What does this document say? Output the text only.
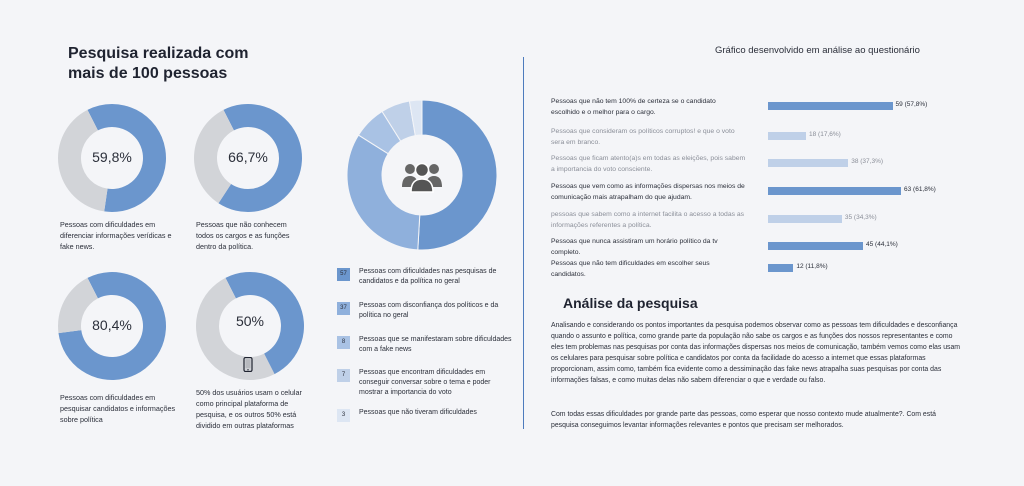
Pesquisa realizada com
mais de 100 pessoas
59,8%
Pessoas com dificuldades em diferenciar informações verídicas e fake news.
66,7%
Pessoas que não conhecem todos os cargos e as funções dentro da política.
80,4%
Pessoas com dificuldades em pesquisar candidatos e informações sobre política
50%
50% dos usuários usam o celular como principal plataforma de pesquisa, e os outros 50% está dividido em outras plataformas
57	Pessoas com dificuldades nas pesquisas de candidatos e da política no geral
37	Pessoas com disconfiança dos políticos e da política no geral
8	Pessoas que se manifestaram sobre dificuldades com a fake news
7	Pessoas que encontram dificuldades em conseguir conversar sobre o tema e poder mostrar a importancia do voto
3	Pessoas que não tiveram dificuldades
Gráfico desenvolvido em análise ao questionário
Pessoas que não tem 100% de certeza se o candidato escolhido e o melhor para o cargo.
59 (57,8%)
Pessoas que consideram os políticos corruptos! e que o voto sera em branco.
18 (17,6%)
Pessoas que ficam atento(a)s em todas as eleições, pois sabem a importancia do voto consciente.
38 (37,3%)
Pessoas que vem como as informações dispersas nos meios de comunicação mais atrapalham do que ajudam.
63 (61,8%)
pessoas que sabem como a internet facilita o acesso a todas as informações referentes a política.
35 (34,3%)
Pessoas que nunca assistiram um horário político da tv completo.
45 (44,1%)
Pessoas que não tem dificuldades em escolher seus candidatos.
12 (11,8%)
Análise da pesquisa
Analisando e considerando os pontos importantes da pesquisa podemos observar como as pessoas tem dificuldades e desconfiança quando o assunto e política, como grande parte da população não sabe os cargos e as funções dos nossos representantes e como eles tem problemas nas pesquisas por conta das informações dispersas nos meios de comunicação, também vemos como elas usam os celulares para pesquisar sobre política e candidatos por conta da facilidade do acesso a internet que essas plataformas proporcionam, assim como, também fica evidente como a dessiminação das fake news atrapalha suas pesquisas por conta das informações falsas, e como muitas delas não sabem diferenciar o que e verdade ou falso.
Com todas essas dificuldades por grande parte das pessoas, como esperar que nosso contexto mude atualmente?. Com está pesquisa conseguimos levantar informações relevantes e pontos que precisam ser melhorados.
